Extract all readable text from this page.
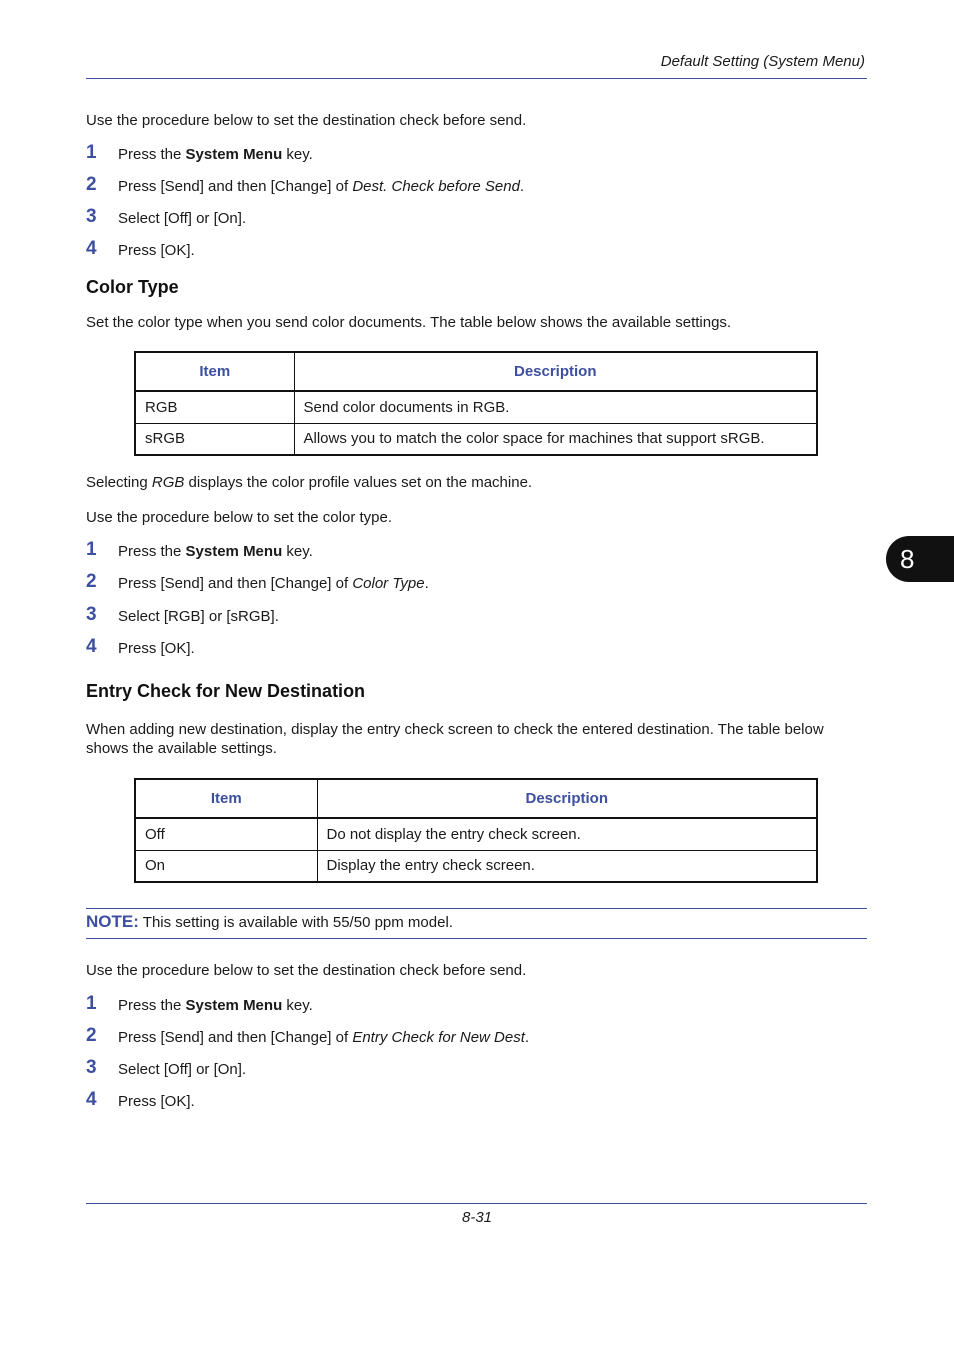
Default Setting (System Menu)
Use the procedure below to set the destination check before send.
1 Press the System Menu key.
2 Press [Send] and then [Change] of Dest. Check before Send.
3 Select [Off] or [On].
4 Press [OK].
Color Type
Set the color type when you send color documents. The table below shows the available settings.
Item	Description
RGB	Send color documents in RGB.
sRGB	Allows you to match the color space for machines that support sRGB.
Selecting RGB displays the color profile values set on the machine.
Use the procedure below to set the color type.
1 Press the System Menu key.
2 Press [Send] and then [Change] of Color Type.
3 Select [RGB] or [sRGB].
4 Press [OK].
Entry Check for New Destination
When adding new destination, display the entry check screen to check the entered destination. The table below
shows the available settings.
Item	Description
Off	Do not display the entry check screen.
On	Display the entry check screen.
NOTE: This setting is available with 55/50 ppm model.
Use the procedure below to set the destination check before send.
1 Press the System Menu key.
2 Press [Send] and then [Change] of Entry Check for New Dest.
3 Select [Off] or [On].
4 Press [OK].
8
8-31
